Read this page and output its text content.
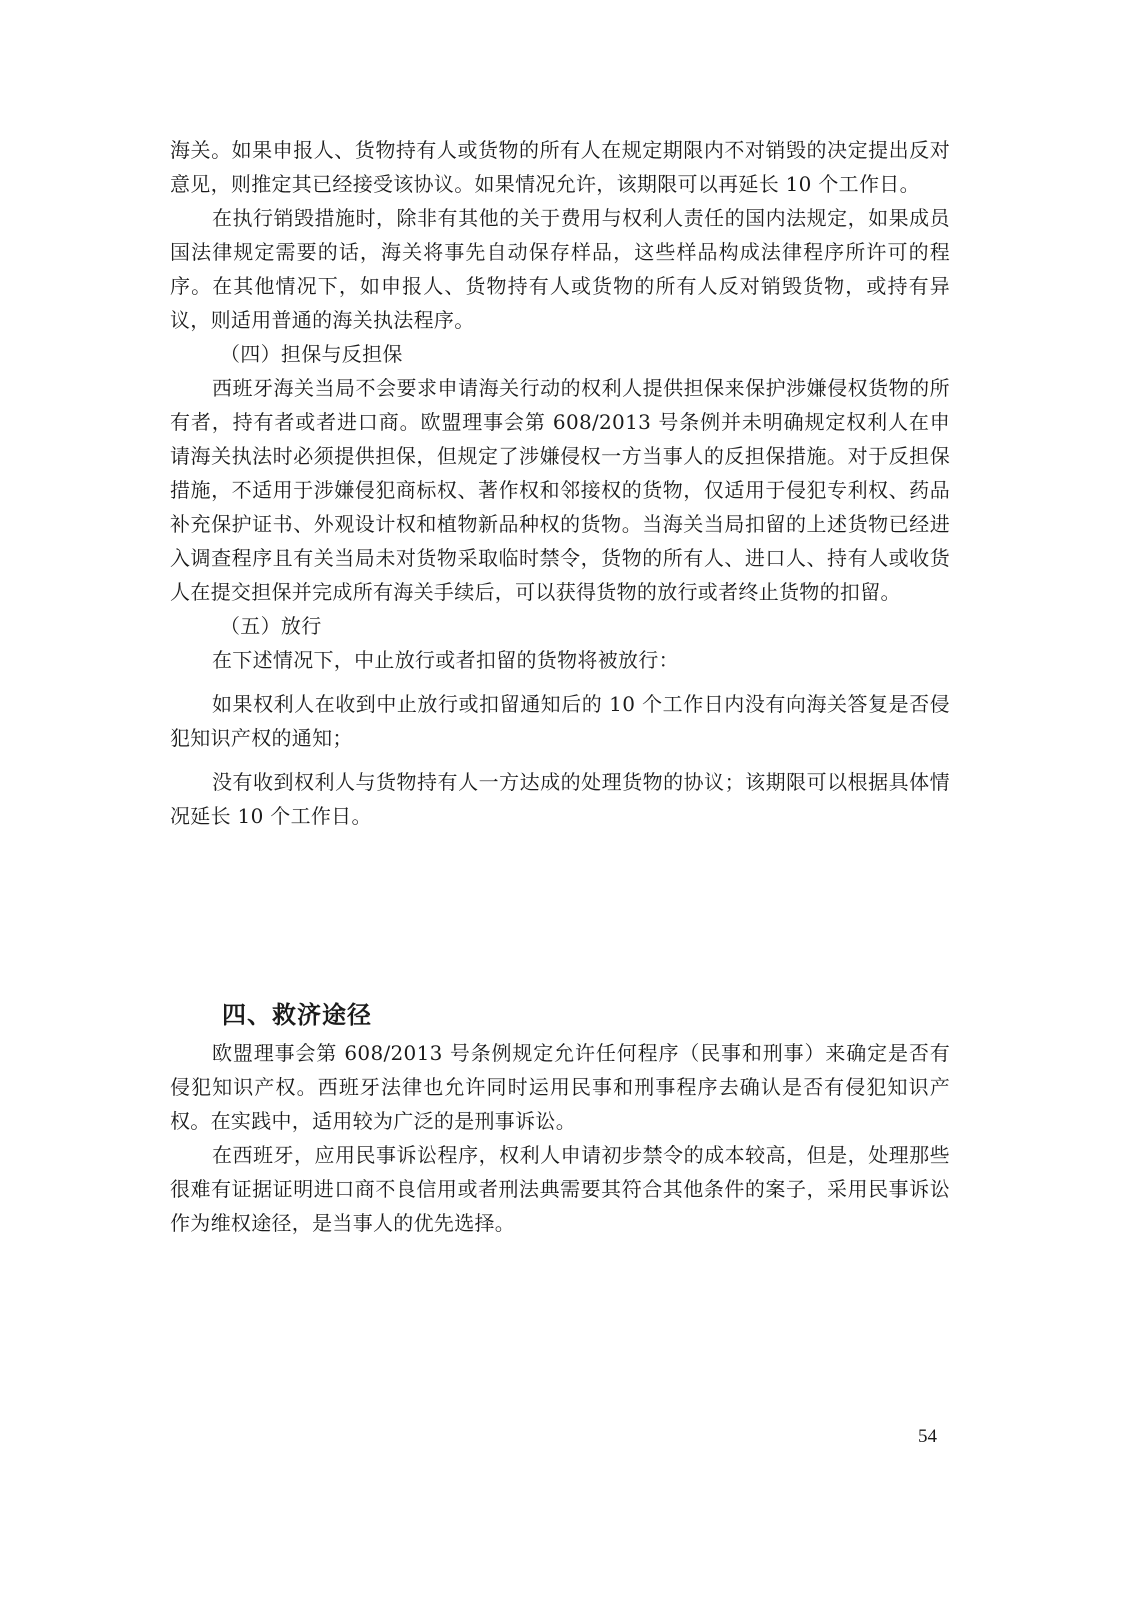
海关。如果申报人、货物持有人或货物的所有人在规定期限内不对销毁的决定提出反对意见，则推定其已经接受该协议。如果情况允许，该期限可以再延长 10 个工作日。

在执行销毁措施时，除非有其他的关于费用与权利人责任的国内法规定，如果成员国法律规定需要的话，海关将事先自动保存样品，这些样品构成法律程序所许可的程序。在其他情况下，如申报人、货物持有人或货物的所有人反对销毁货物，或持有异议，则适用普通的海关执法程序。

（四）担保与反担保

西班牙海关当局不会要求申请海关行动的权利人提供担保来保护涉嫌侵权货物的所有者，持有者或者进口商。欧盟理事会第 608/2013 号条例并未明确规定权利人在申请海关执法时必须提供担保，但规定了涉嫌侵权一方当事人的反担保措施。对于反担保措施，不适用于涉嫌侵犯商标权、著作权和邻接权的货物，仅适用于侵犯专利权、药品补充保护证书、外观设计权和植物新品种权的货物。当海关当局扣留的上述货物已经进入调查程序且有关当局未对货物采取临时禁令，货物的所有人、进口人、持有人或收货人在提交担保并完成所有海关手续后，可以获得货物的放行或者终止货物的扣留。

（五）放行

在下述情况下，中止放行或者扣留的货物将被放行：

如果权利人在收到中止放行或扣留通知后的 10 个工作日内没有向海关答复是否侵犯知识产权的通知；

没有收到权利人与货物持有人一方达成的处理货物的协议；该期限可以根据具体情况延长 10 个工作日。

四、救济途径

欧盟理事会第 608/2013 号条例规定允许任何程序（民事和刑事）来确定是否有侵犯知识产权。西班牙法律也允许同时运用民事和刑事程序去确认是否有侵犯知识产权。在实践中，适用较为广泛的是刑事诉讼。

在西班牙，应用民事诉讼程序，权利人申请初步禁令的成本较高，但是，处理那些很难有证据证明进口商不良信用或者刑法典需要其符合其他条件的案子，采用民事诉讼作为维权途径，是当事人的优先选择。

54
